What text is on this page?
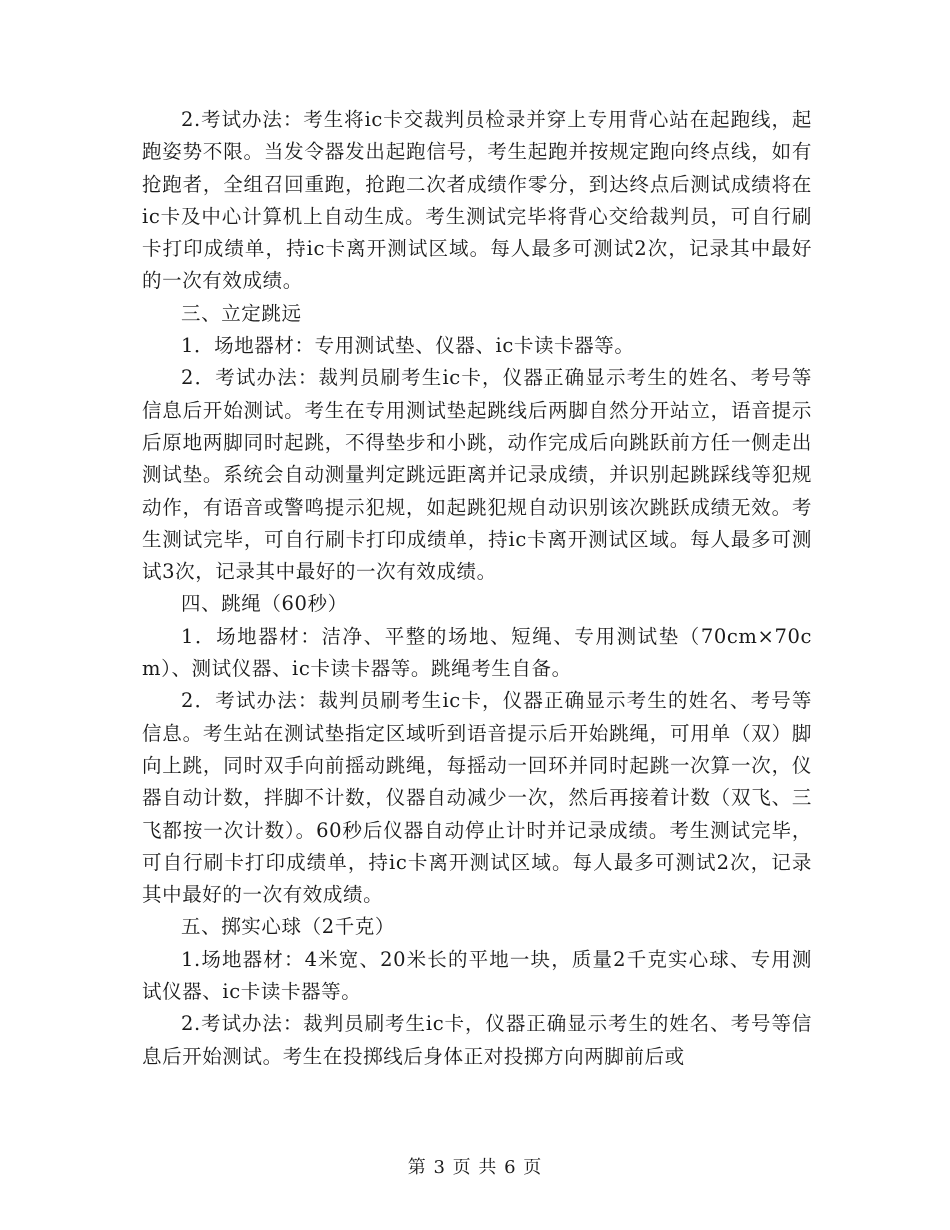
2.考试办法：考生将ic卡交裁判员检录并穿上专用背心站在起跑线，起跑姿势不限。当发令器发出起跑信号，考生起跑并按规定跑向终点线，如有抢跑者，全组召回重跑，抢跑二次者成绩作零分，到达终点后测试成绩将在ic卡及中心计算机上自动生成。考生测试完毕将背心交给裁判员，可自行刷卡打印成绩单，持ic卡离开测试区域。每人最多可测试2次，记录其中最好的一次有效成绩。

三、立定跳远

1．场地器材：专用测试垫、仪器、ic卡读卡器等。

2．考试办法：裁判员刷考生ic卡，仪器正确显示考生的姓名、考号等信息后开始测试。考生在专用测试垫起跳线后两脚自然分开站立，语音提示后原地两脚同时起跳，不得垫步和小跳，动作完成后向跳跃前方任一侧走出测试垫。系统会自动测量判定跳远距离并记录成绩，并识别起跳踩线等犯规动作，有语音或警鸣提示犯规，如起跳犯规自动识别该次跳跃成绩无效。考生测试完毕，可自行刷卡打印成绩单，持ic卡离开测试区域。每人最多可测试3次，记录其中最好的一次有效成绩。

四、跳绳（60秒）

1．场地器材：洁净、平整的场地、短绳、专用测试垫（70cm×70cm）、测试仪器、ic卡读卡器等。跳绳考生自备。

2．考试办法：裁判员刷考生ic卡，仪器正确显示考生的姓名、考号等信息。考生站在测试垫指定区域听到语音提示后开始跳绳，可用单（双）脚向上跳，同时双手向前摇动跳绳，每摇动一回环并同时起跳一次算一次，仪器自动计数，拌脚不计数，仪器自动减少一次，然后再接着计数（双飞、三飞都按一次计数）。60秒后仪器自动停止计时并记录成绩。考生测试完毕，可自行刷卡打印成绩单，持ic卡离开测试区域。每人最多可测试2次，记录其中最好的一次有效成绩。

五、掷实心球（2千克）

1.场地器材：4米宽、20米长的平地一块，质量2千克实心球、专用测试仪器、ic卡读卡器等。

2.考试办法：裁判员刷考生ic卡，仪器正确显示考生的姓名、考号等信息后开始测试。考生在投掷线后身体正对投掷方向两脚前后或

第 3 页 共 6 页
